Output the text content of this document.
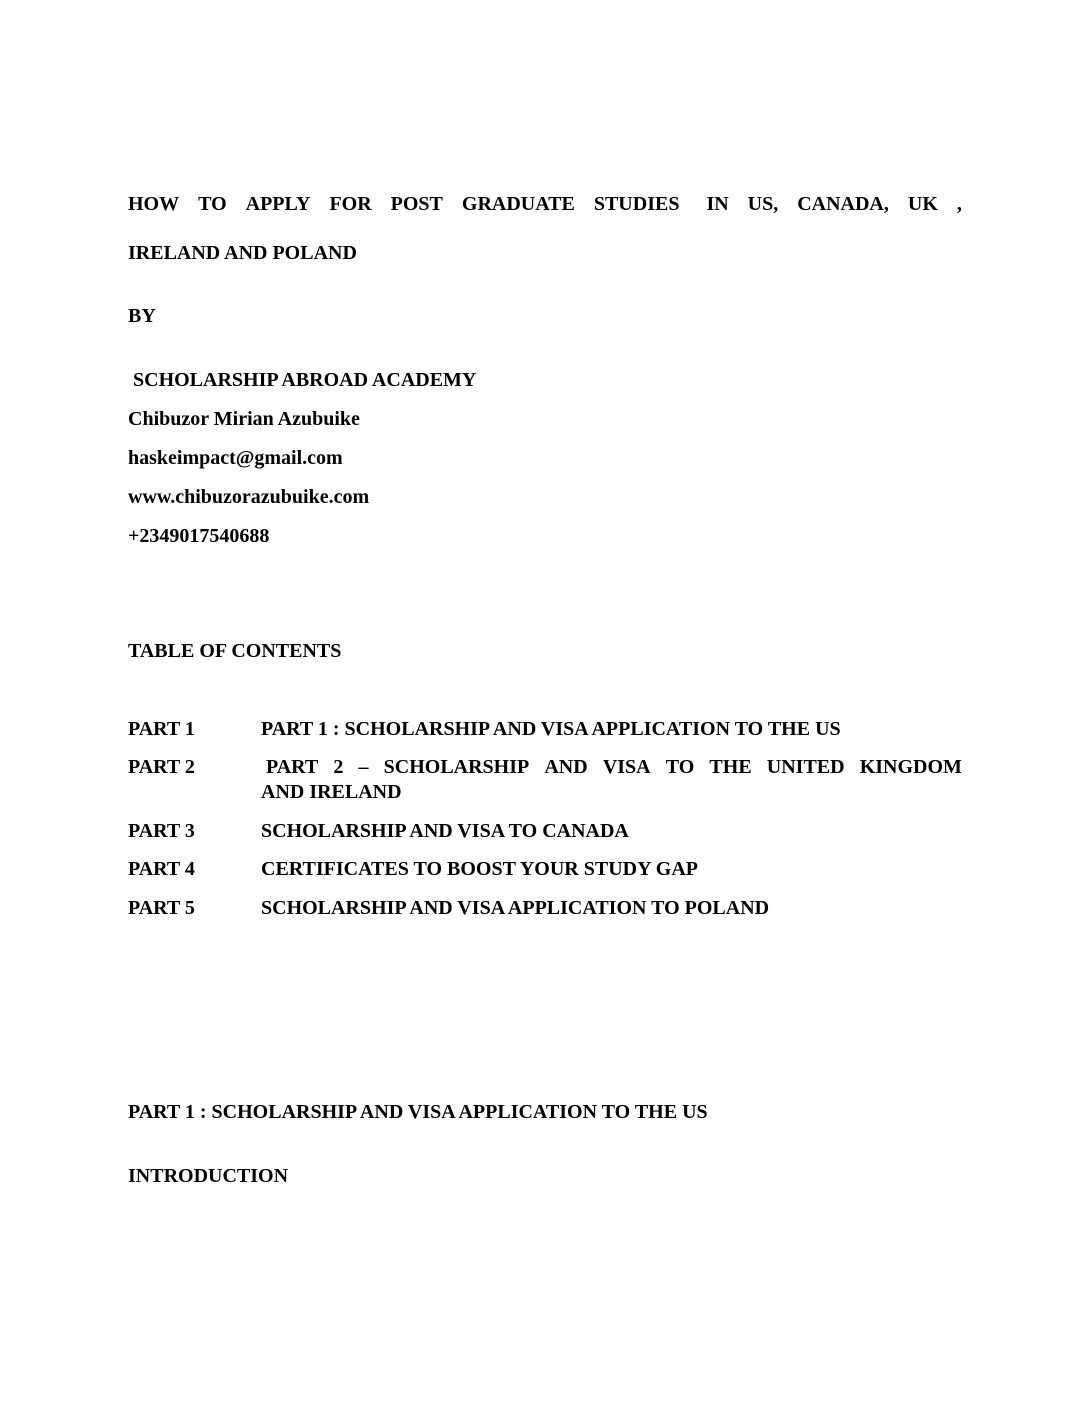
HOW TO APPLY FOR POST GRADUATE STUDIES IN US, CANADA, UK ,
IRELAND AND POLAND
BY
SCHOLARSHIP ABROAD ACADEMY
Chibuzor Mirian Azubuike
haskeimpact@gmail.com
www.chibuzorazubuike.com
+2349017540688
TABLE OF CONTENTS
PART 1	PART 1 : SCHOLARSHIP AND VISA APPLICATION TO THE US
PART 2	PART 2 – SCHOLARSHIP AND VISA TO THE UNITED KINGDOM
AND IRELAND
PART 3	SCHOLARSHIP AND VISA TO CANADA
PART 4	CERTIFICATES TO BOOST YOUR STUDY GAP
PART 5	SCHOLARSHIP AND VISA APPLICATION TO POLAND
PART 1 : SCHOLARSHIP AND VISA APPLICATION TO THE US
INTRODUCTION
